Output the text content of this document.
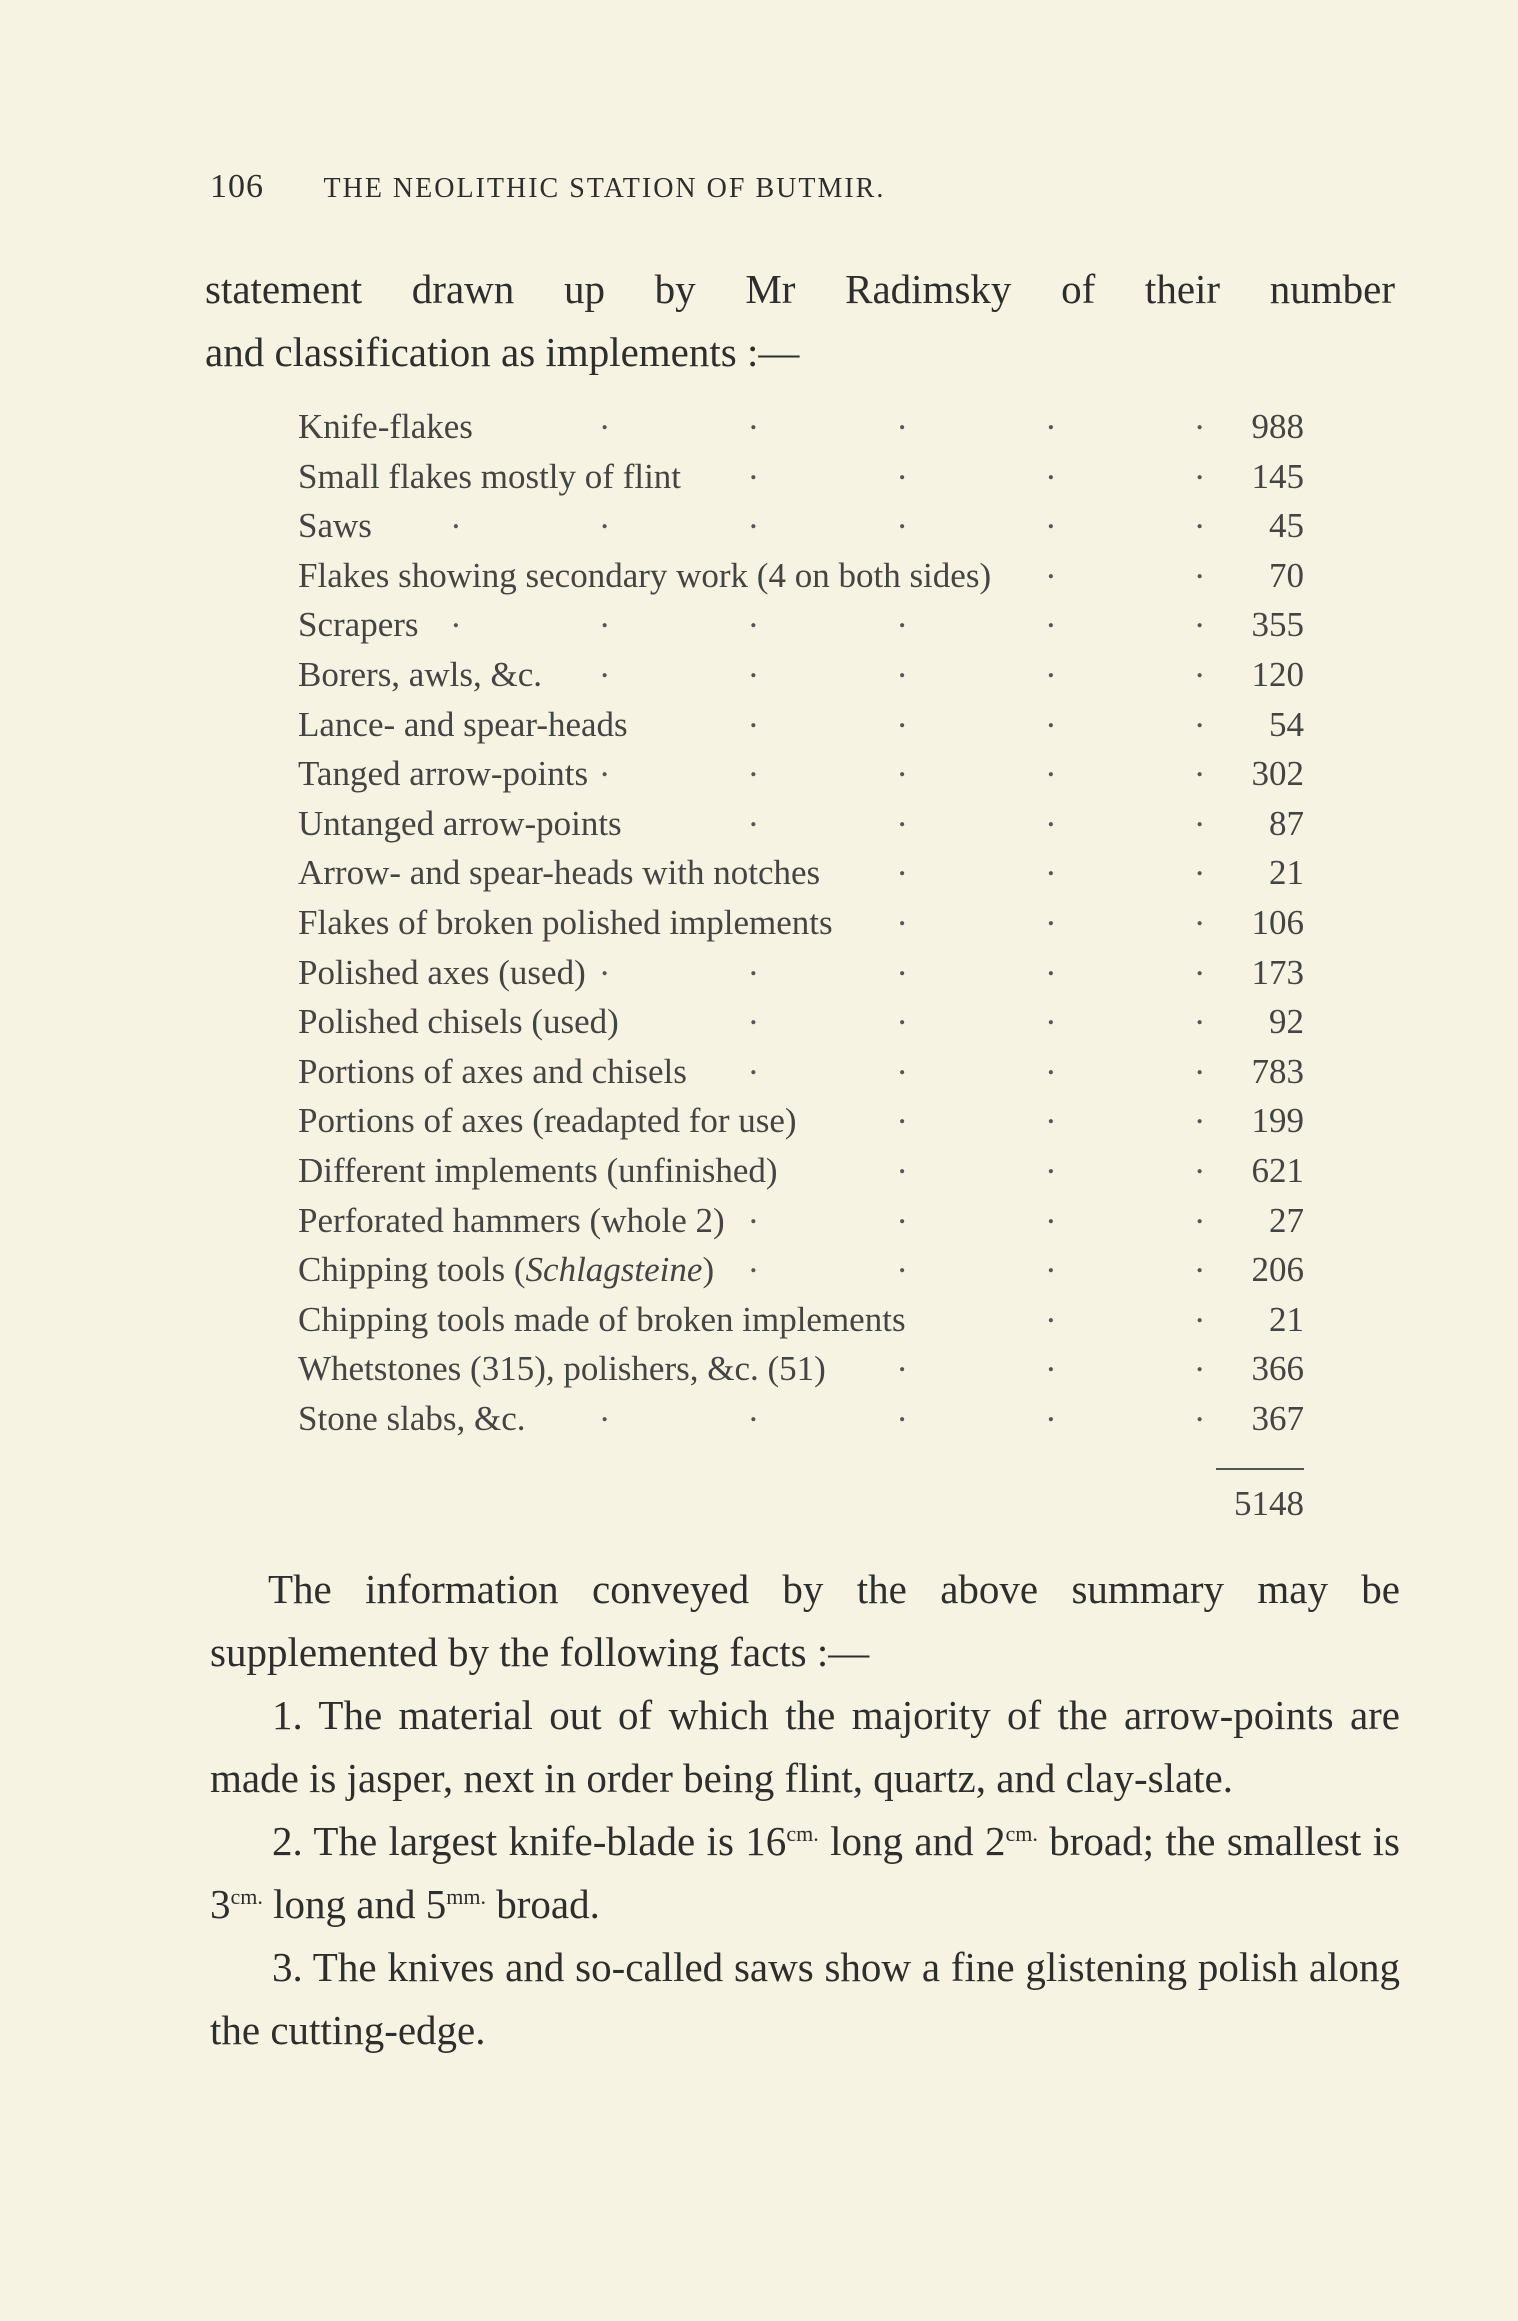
106 THE NEOLITHIC STATION OF BUTMIR.
statement drawn up by Mr Radimsky of their number
and classification as implements :—
Knife-flakes .	988
Small flakes mostly of flint .	145
Saws .	45
Flakes showing secondary work (4 on both sides) .	70
Scrapers .	355
Borers, awls, &c. .	120
Lance- and spear-heads .	54
Tanged arrow-points .	302
Untanged arrow-points .	87
Arrow- and spear-heads with notches .	21
Flakes of broken polished implements .	106
Polished axes (used) .	173
Polished chisels (used) .	92
Portions of axes and chisels .	783
Portions of axes (readapted for use) .	199
Different implements (unfinished) .	621
Perforated hammers (whole 2) .	27
Chipping tools (Schlagsteine) .	206
Chipping tools made of broken implements .	21
Whetstones (315), polishers, &c. (51) .	366
Stone slabs, &c. .	367
5148

The information conveyed by the above summary may be supplemented by the following facts :—

1. The material out of which the majority of the arrow-points are made is jasper, next in order being flint, quartz, and clay-slate.

2. The largest knife-blade is $16^{cm.}$ long and $2^{cm.}$ broad; the smallest is $3^{cm.}$ long and $5^{mm.}$ broad.

3. The knives and so-called saws show a fine glistening polish along the cutting-edge.
